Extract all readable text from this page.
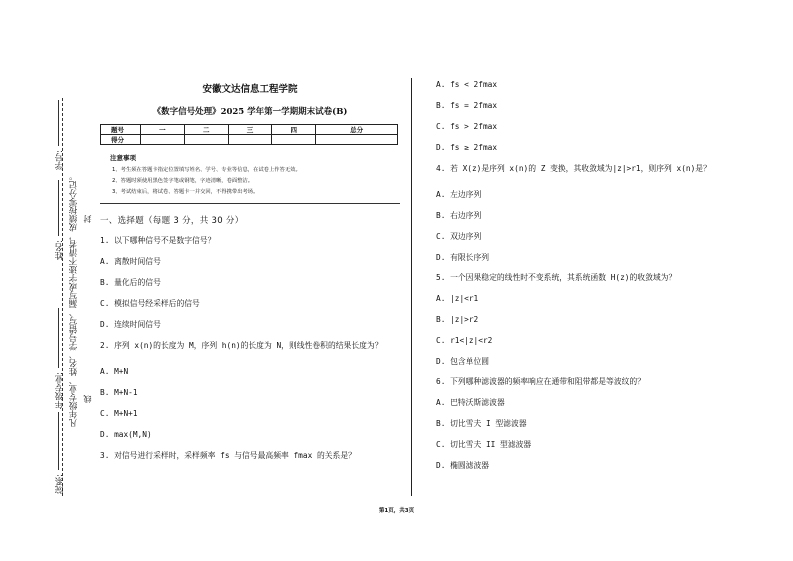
学号:
姓名:
年级专业:
院系:
凡年级专业、姓名、学号错写、漏写或字迹不清者，成绩按零分记。 封
线
安徽文达信息工程学院
《数字信号处理》2025 学年第一学期期末试卷(B)
题号	一	二	三	四	总分
得分					
注意事项
1、考生须在答题卡指定位置填写姓名、学号、专业等信息，在试卷上作答无效。
2、答题时须使用黑色签字笔或钢笔，字迹清晰，卷面整洁。
3、考试结束后，将试卷、答题卡一并交回，不得携带出考场。
一、选择题（每题 3 分，共 30 分）
1. 以下哪种信号不是数字信号？
A. 离散时间信号
B. 量化后的信号
C. 模拟信号经采样后的信号
D. 连续时间信号
2. 序列 x(n)的长度为 M，序列 h(n)的长度为 N，则线性卷积的结果长度为？
A. M+N
B. M+N-1
C. M+N+1
D. max(M,N)
3. 对信号进行采样时，采样频率 fs 与信号最高频率 fmax 的关系是？
A. fs < 2fmax
B. fs = 2fmax
C. fs > 2fmax
D. fs ≥ 2fmax
4. 若 X(z)是序列 x(n)的 Z 变换，其收敛域为|z|>r1，则序列 x(n)是？
A. 左边序列
B. 右边序列
C. 双边序列
D. 有限长序列
5. 一个因果稳定的线性时不变系统，其系统函数 H(z)的收敛域为？
A. |z|<r1
B. |z|>r2
C. r1<|z|<r2
D. 包含单位圆
6. 下列哪种滤波器的频率响应在通带和阻带都是等波纹的？
A. 巴特沃斯滤波器
B. 切比雪夫 I 型滤波器
C. 切比雪夫 II 型滤波器
D. 椭圆滤波器
第1页，共3页
